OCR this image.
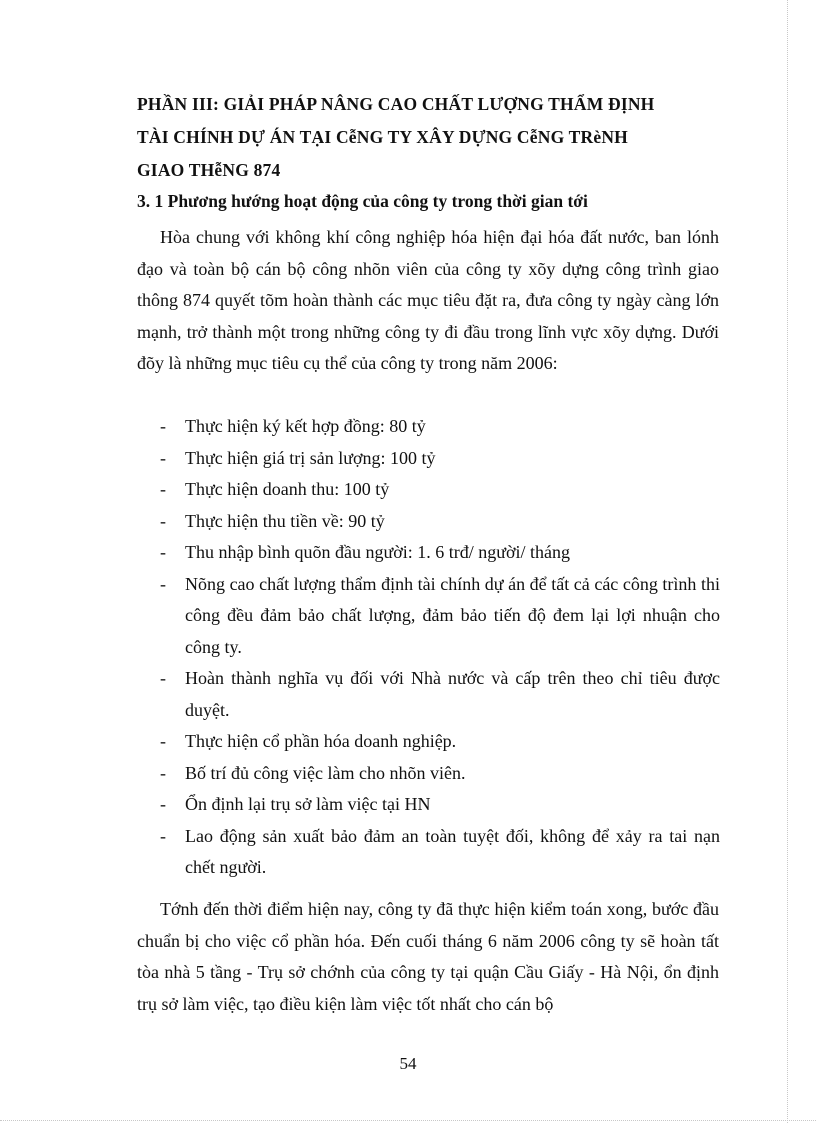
PHẦN III: GIẢI PHÁP NÂNG CAO CHẤT LƯỢNG THẨM ĐỊNH
TÀI CHÍNH DỰ ÁN TẠI CễNG TY XÂY DỰNG CễNG TRèNH
GIAO THễNG 874
3. 1 Phương hướng hoạt động của công ty trong thời gian tới

Hòa chung với không khí công nghiệp hóa hiện đại hóa đất nước, ban lónh đạo và toàn bộ cán bộ công nhõn viên của công ty xõy dựng công trình giao thông 874 quyết tõm hoàn thành các mục tiêu đặt ra, đưa công ty ngày càng lớn mạnh, trở thành một trong những công ty đi đầu trong lĩnh vực xõy dựng. Dưới đõy là những mục tiêu cụ thể của công ty trong năm 2006:

- Thực hiện ký kết hợp đồng: 80 tỷ
- Thực hiện giá trị sản lượng: 100 tỷ
- Thực hiện doanh thu: 100 tỷ
- Thực hiện thu tiền về: 90 tỷ
- Thu nhập bình quõn đầu người: 1. 6 trđ/ người/ tháng
- Nõng cao chất lượng thẩm định tài chính dự án để tất cả các công trình thi công đều đảm bảo chất lượng, đảm bảo tiến độ đem lại lợi nhuận cho công ty.
- Hoàn thành nghĩa vụ đối với Nhà nước và cấp trên theo chỉ tiêu được duyệt.
- Thực hiện cổ phần hóa doanh nghiệp.
- Bố trí đủ công việc làm cho nhõn viên.
- Ổn định lại trụ sở làm việc tại HN
- Lao động sản xuất bảo đảm an toàn tuyệt đối, không để xảy ra tai nạn chết người.

Tớnh đến thời điểm hiện nay, công ty đã thực hiện kiểm toán xong, bước đầu chuẩn bị cho việc cổ phần hóa. Đến cuối tháng 6 năm 2006 công ty sẽ hoàn tất tòa nhà 5 tầng - Trụ sở chớnh của công ty tại quận Cầu Giấy - Hà Nội, ổn định trụ sở làm việc, tạo điều kiện làm việc tốt nhất cho cán bộ

54
